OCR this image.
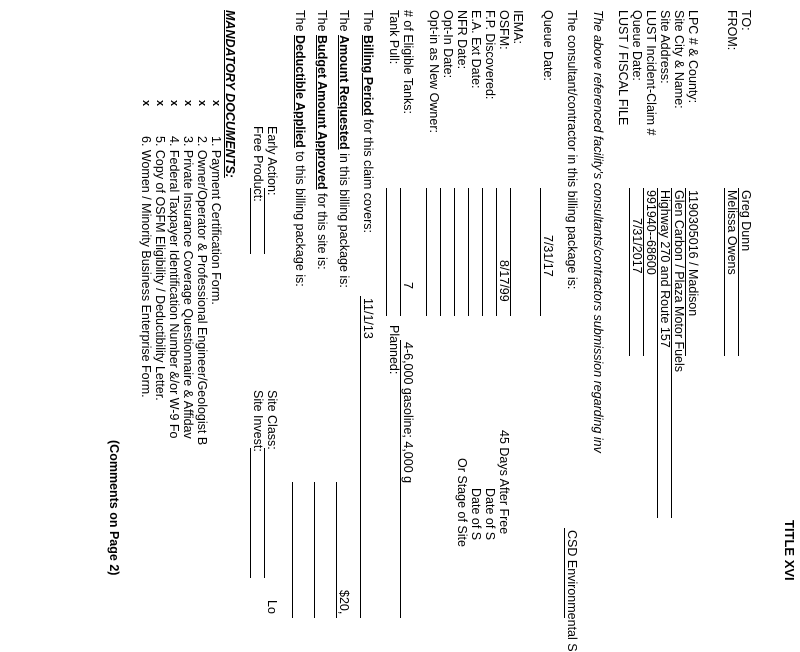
TITLE XVI
TO:
Greg Dunn
FROM:
Melissa Owens
LPC # & County:
1190305016 / Madison
Site City & Name:
Glen Carbon / Plaza Motor Fuels
Site Address:
Highway 270 and Route 157
LUST Incident-Claim #
991940--68600
Queue Date:
7/31/2017
LUST / FISCAL FILE
The above referenced facility's consultants/contractors submission regarding inv
The consultant/contractor in this billing package is:
CSD Environmental S
Queue Date:
7/31/17
IEMA:
OSFM:
8/17/99
F.P. Discovered:
E.A. Ext Date:
NFR Date:
Opt-In Date:
Opt-in as New Owner:
45 Days After Free
Date of S
Date of S
Or Stage of Site
# of Eligible Tanks:
7
4-6,000 gasoline; 4,000 g
Tank Pull:
Planned:
The Billing Period for this claim covers:
11/1/13
The Amount Requested in this billing package is:
$20,
The Budget Amount Approved for this site is:
The Deductible Applied to this billing package is:
Early Action:
Site Class:
Lo
Free Product:
Site Invest:
MANDATORY DOCUMENTS:
x
1. Payment Certification Form.
x
2. Owner/Operator & Professional Engineer/Geologist B
x
3. Private Insurance Coverage Questionnaire & Affidav
x
4. Federal Taxpayer Identification Number &/or W-9 Fo
x
5. Copy of OSFM Eligibility / Deductibility Letter.
x
6. Women / Minority Business Enterprise Form.
(Comments on Page 2)
